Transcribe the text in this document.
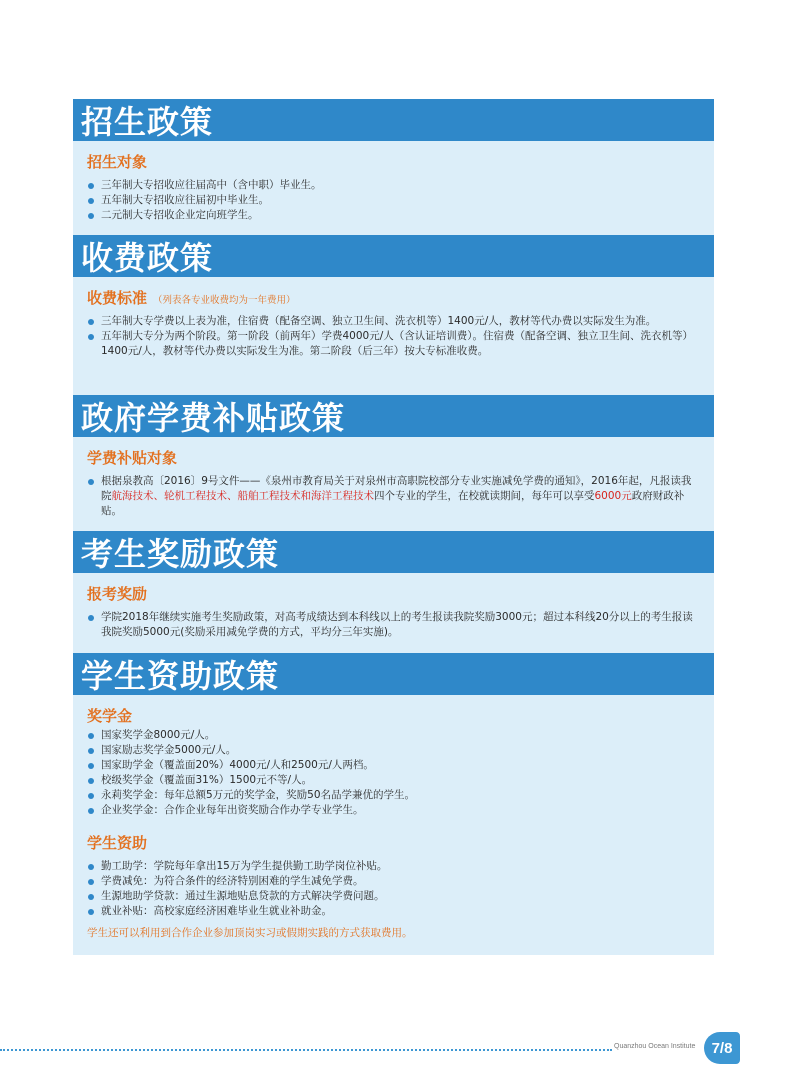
招生政策
招生对象
三年制大专招收应往届高中（含中职）毕业生。
五年制大专招收应往届初中毕业生。
二元制大专招收企业定向班学生。
收费政策
收费标准 （列表各专业收费均为一年费用）
三年制大专学费以上表为准，住宿费（配备空调、独立卫生间、洗衣机等）1400元/人，教材等代办费以实际发生为准。
五年制大专分为两个阶段。第一阶段（前两年）学费4000元/人（含认证培训费）。住宿费（配备空调、独立卫生间、洗衣机等）1400元/人，教材等代办费以实际发生为准。第二阶段（后三年）按大专标准收费。
政府学费补贴政策
学费补贴对象
根据泉教高〔2016〕9号文件——《泉州市教育局关于对泉州市高职院校部分专业实施减免学费的通知》，2016年起，凡报读我院航海技术、轮机工程技术、船舶工程技术和海洋工程技术四个专业的学生，在校就读期间，每年可以享受6000元政府财政补贴。
考生奖励政策
报考奖励
学院2018年继续实施考生奖励政策，对高考成绩达到本科线以上的考生报读我院奖励3000元；超过本科线20分以上的考生报读我院奖励5000元(奖励采用减免学费的方式，平均分三年实施)。
学生资助政策
奖学金
国家奖学金8000元/人。
国家励志奖学金5000元/人。
国家助学金（覆盖面20%）4000元/人和2500元/人两档。
校级奖学金（覆盖面31%）1500元不等/人。
永莉奖学金：每年总额5万元的奖学金，奖励50名品学兼优的学生。
企业奖学金：合作企业每年出资奖励合作办学专业学生。
学生资助
勤工助学：学院每年拿出15万为学生提供勤工助学岗位补贴。
学费减免：为符合条件的经济特别困难的学生减免学费。
生源地助学贷款：通过生源地贴息贷款的方式解决学费问题。
就业补贴：高校家庭经济困难毕业生就业补助金。
学生还可以利用到合作企业参加顶岗实习或假期实践的方式获取费用。
Quanzhou Ocean Institute	7/8
